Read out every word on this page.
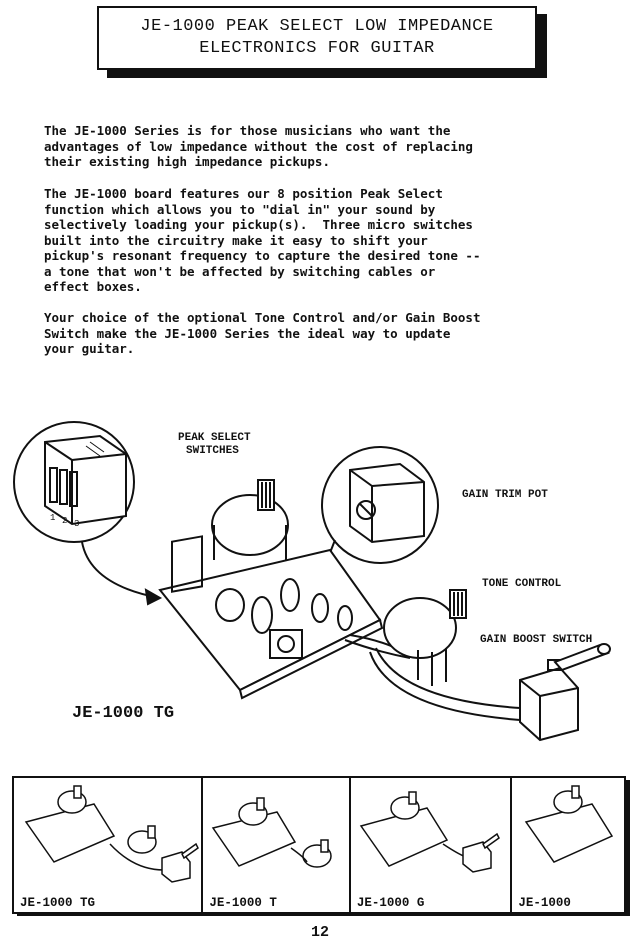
JE-1000 PEAK SELECT LOW IMPEDANCE
ELECTRONICS FOR GUITAR

The JE-1000 Series is for those musicians who want the
advantages of low impedance without the cost of replacing
their existing high impedance pickups.

The JE-1000 board features our 8 position Peak Select
function which allows you to "dial in" your sound by
selectively loading your pickup(s).  Three micro switches
built into the circuitry make it easy to shift your
pickup's resonant frequency to capture the desired tone --
a tone that won't be affected by switching cables or
effect boxes.

Your choice of the optional Tone Control and/or Gain Boost
Switch make the JE-1000 Series the ideal way to update
your guitar.

1 2 3
PEAK SELECT
SWITCHES
GAIN TRIM POT
TONE CONTROL
GAIN BOOST SWITCH
JE-1000 TG
JE-1000 TG	JE-1000 T	JE-1000 G	JE-1000
12
